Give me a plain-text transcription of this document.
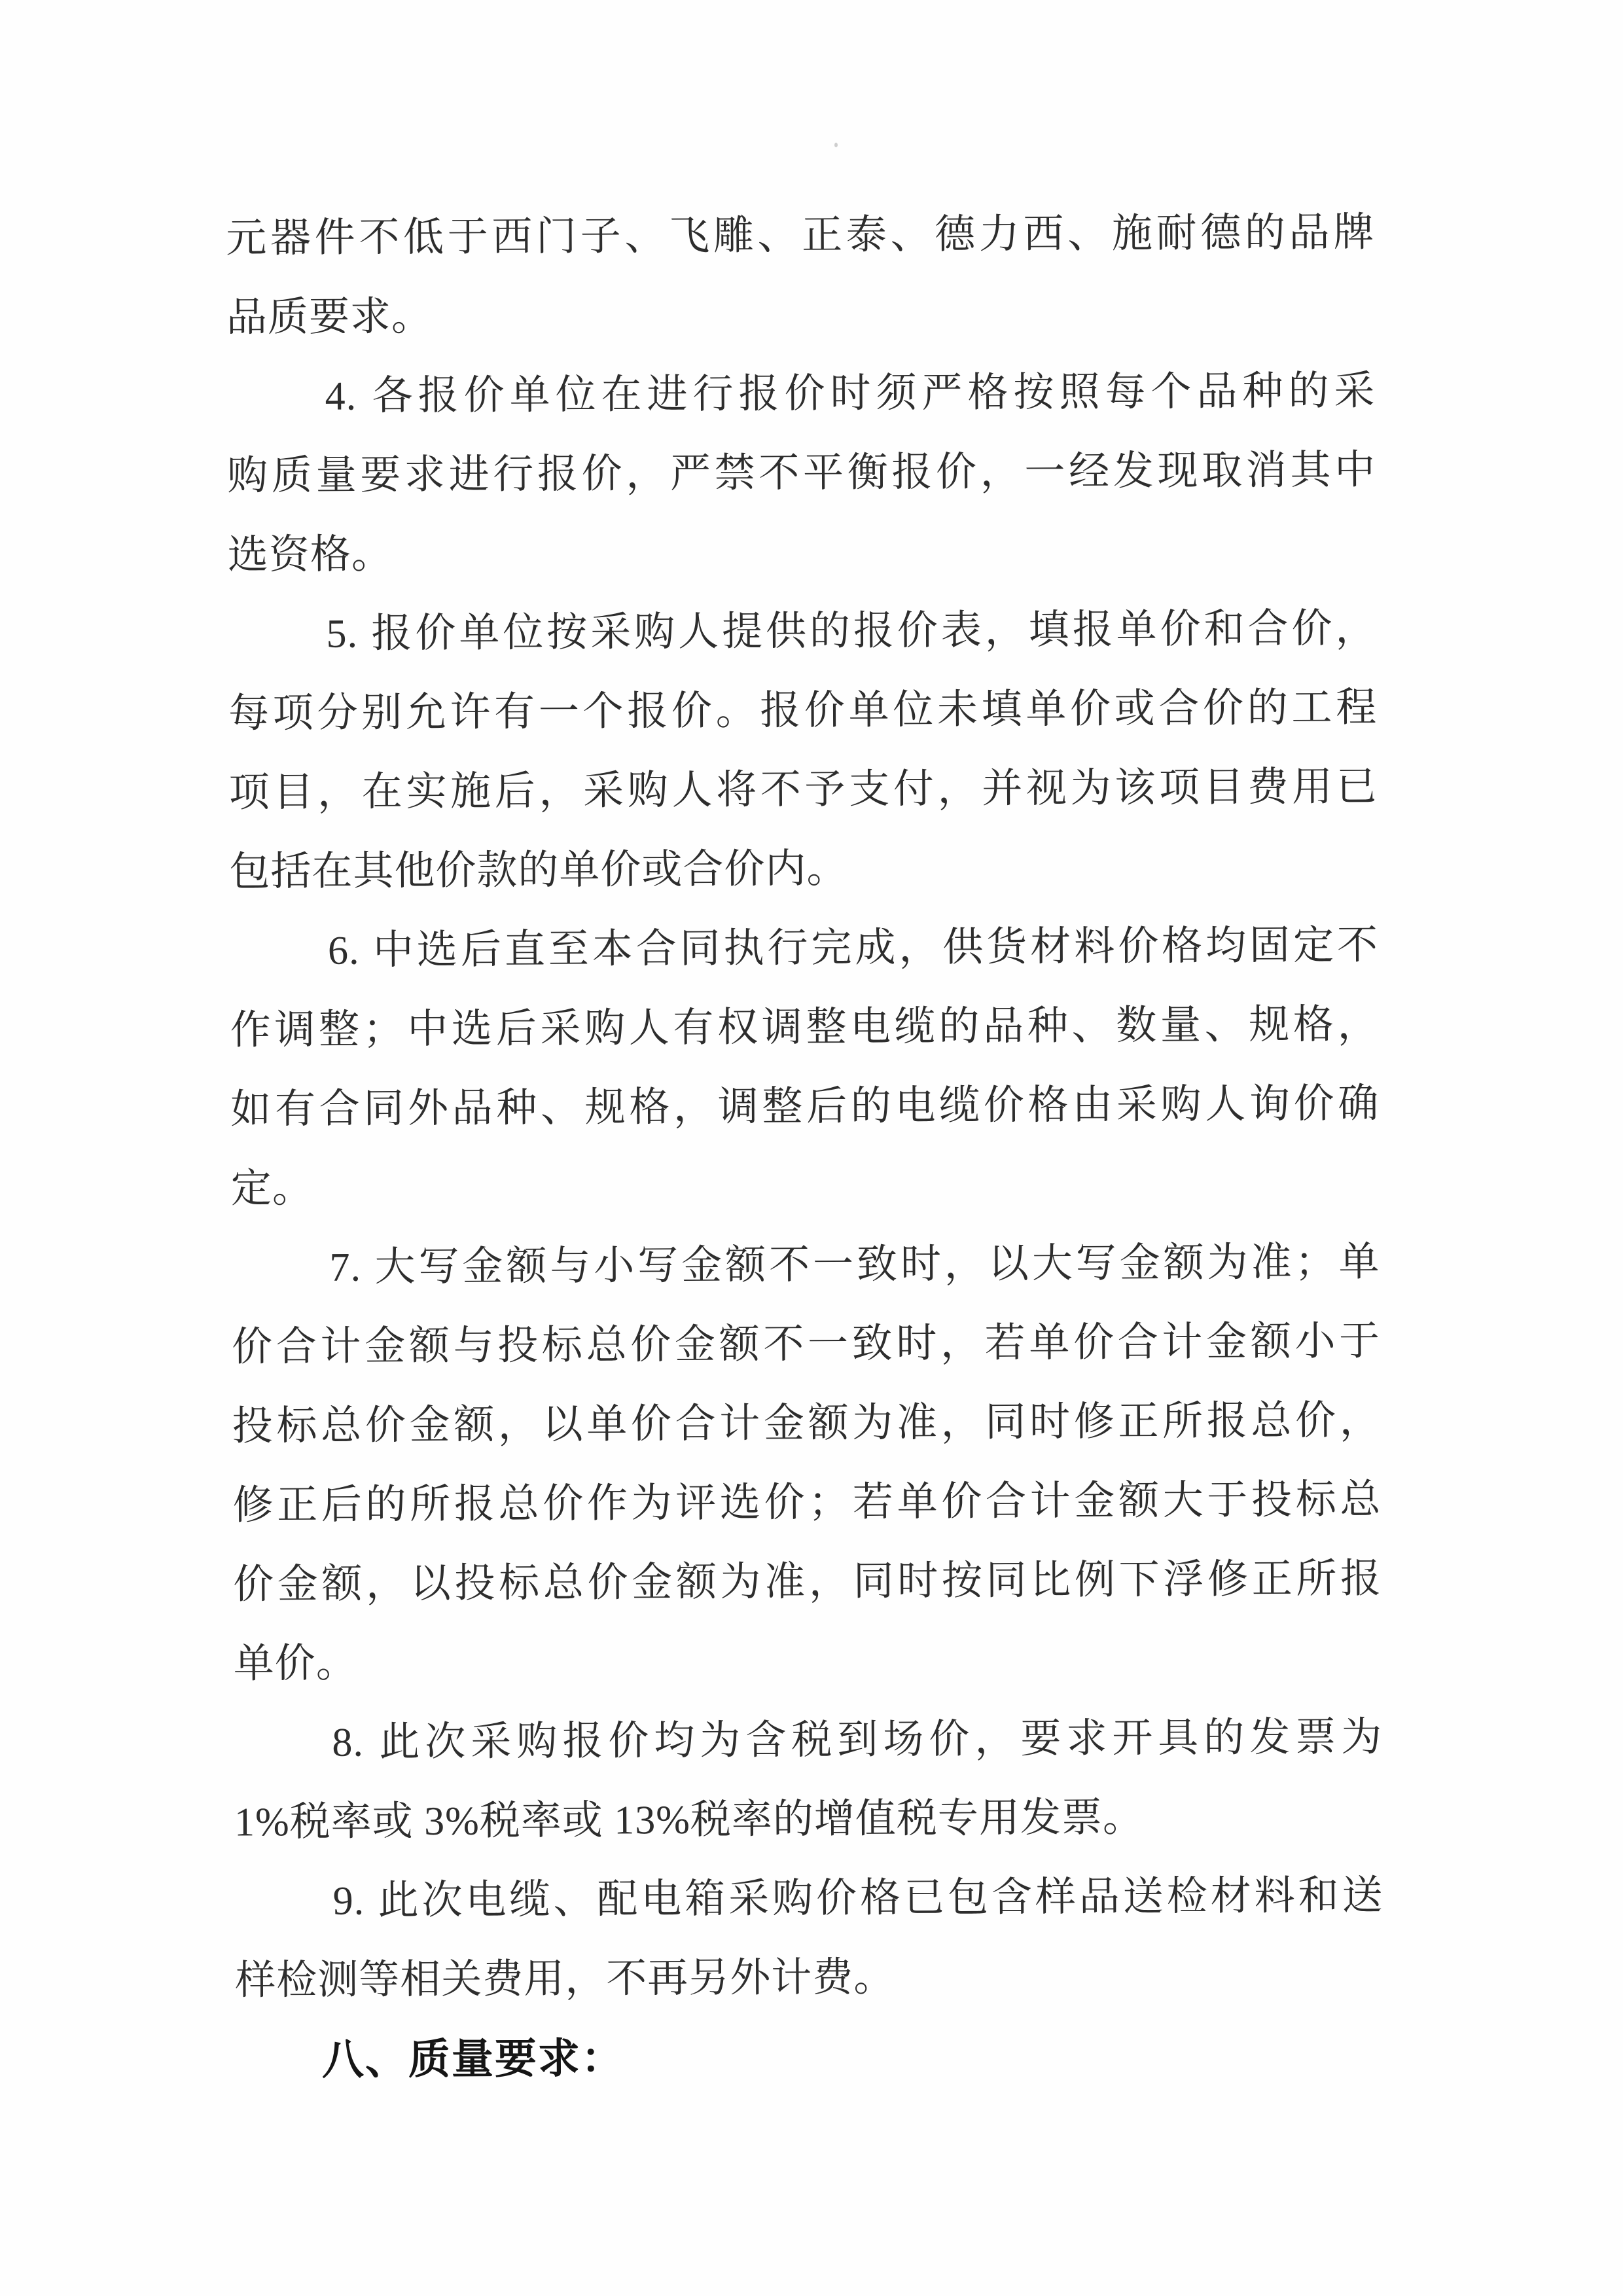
元器件不低于西门子、飞雕、正泰、德力西、施耐德的品牌
品质要求。
4. 各报价单位在进行报价时须严格按照每个品种的采
购质量要求进行报价，严禁不平衡报价，一经发现取消其中
选资格。
5. 报价单位按采购人提供的报价表，填报单价和合价，
每项分别允许有一个报价。报价单位未填单价或合价的工程
项目，在实施后，采购人将不予支付，并视为该项目费用已
包括在其他价款的单价或合价内。
6. 中选后直至本合同执行完成，供货材料价格均固定不
作调整；中选后采购人有权调整电缆的品种、数量、规格，
如有合同外品种、规格，调整后的电缆价格由采购人询价确
定。
7. 大写金额与小写金额不一致时，以大写金额为准；单
价合计金额与投标总价金额不一致时，若单价合计金额小于
投标总价金额，以单价合计金额为准，同时修正所报总价，
修正后的所报总价作为评选价；若单价合计金额大于投标总
价金额，以投标总价金额为准，同时按同比例下浮修正所报
单价。
8. 此次采购报价均为含税到场价，要求开具的发票为
1%税率或 3%税率或 13%税率的增值税专用发票。
9. 此次电缆、配电箱采购价格已包含样品送检材料和送
样检测等相关费用，不再另外计费。
八、质量要求：
